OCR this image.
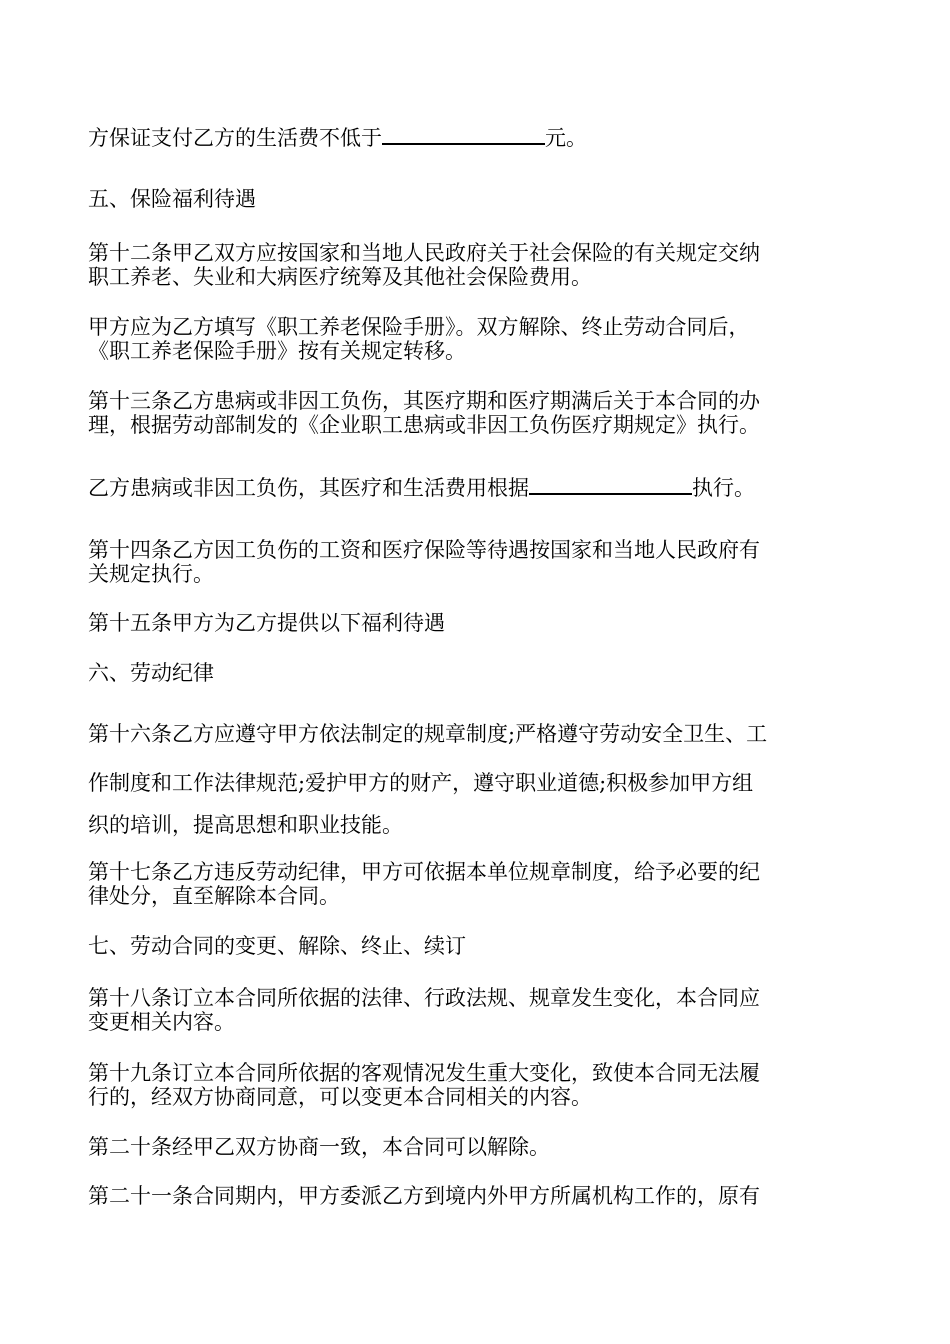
方保证支付乙方的生活费不低于	元。
五、保险福利待遇
第十二条甲乙双方应按国家和当地人民政府关于社会保险的有关规定交纳
职工养老、失业和大病医疗统筹及其他社会保险费用。
甲方应为乙方填写《职工养老保险手册》。双方解除、终止劳动合同后，
《职工养老保险手册》按有关规定转移。
第十三条乙方患病或非因工负伤，其医疗期和医疗期满后关于本合同的办
理，根据劳动部制发的《企业职工患病或非因工负伤医疗期规定》执行。
乙方患病或非因工负伤，其医疗和生活费用根据	执行。
第十四条乙方因工负伤的工资和医疗保险等待遇按国家和当地人民政府有
关规定执行。
第十五条甲方为乙方提供以下福利待遇
六、劳动纪律
第十六条乙方应遵守甲方依法制定的规章制度;严格遵守劳动安全卫生、工
作制度和工作法律规范;爱护甲方的财产，遵守职业道德;积极参加甲方组
织的培训，提高思想和职业技能。
第十七条乙方违反劳动纪律，甲方可依据本单位规章制度，给予必要的纪
律处分，直至解除本合同。
七、劳动合同的变更、解除、终止、续订
第十八条订立本合同所依据的法律、行政法规、规章发生变化，本合同应
变更相关内容。
第十九条订立本合同所依据的客观情况发生重大变化，致使本合同无法履
行的，经双方协商同意，可以变更本合同相关的内容。
第二十条经甲乙双方协商一致，本合同可以解除。
第二十一条合同期内，甲方委派乙方到境内外甲方所属机构工作的，原有
